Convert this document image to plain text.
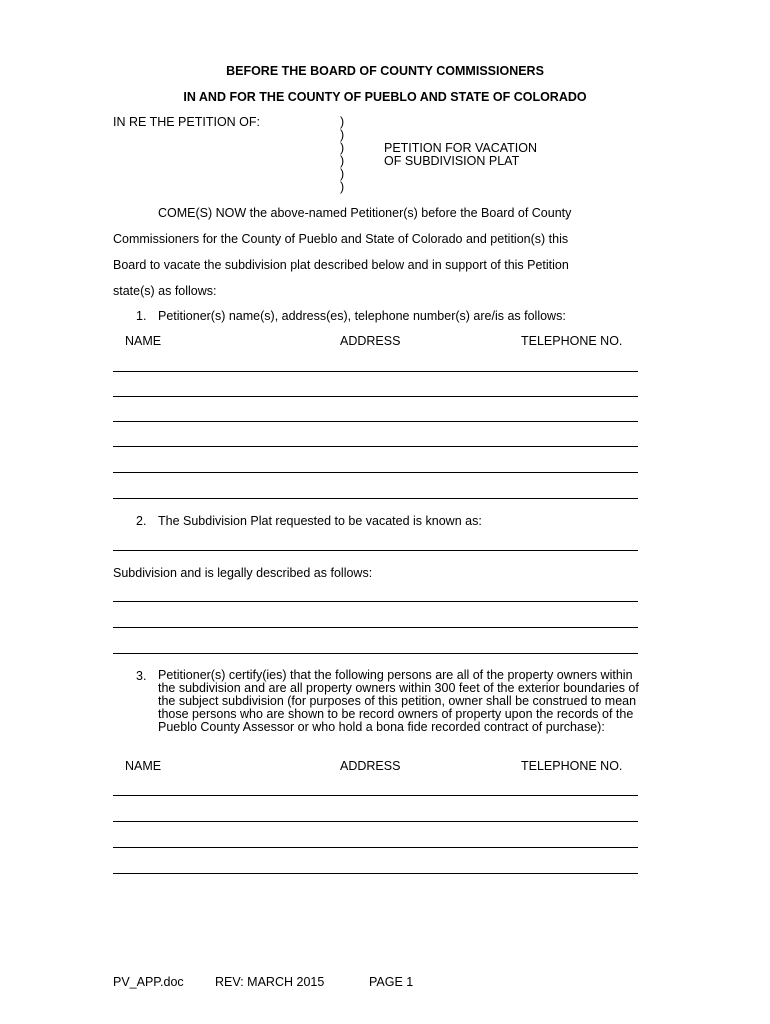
BEFORE THE BOARD OF COUNTY COMMISSIONERS
IN AND FOR THE COUNTY OF PUEBLO AND STATE OF COLORADO
IN RE THE PETITION OF:	)
)
)
)
)
)
PETITION FOR VACATION
OF SUBDIVISION PLAT
COME(S) NOW the above-named Petitioner(s) before the Board of County
Commissioners for the County of Pueblo and State of Colorado and petition(s) this
Board to vacate the subdivision plat described below and in support of this Petition
state(s) as follows:
1. Petitioner(s) name(s), address(es), telephone number(s) are/is as follows:
NAME	ADDRESS	TELEPHONE NO.
2. The Subdivision Plat requested to be vacated is known as:
Subdivision and is legally described as follows:
3. Petitioner(s) certify(ies) that the following persons are all of the property owners within the subdivision and are all property owners within 300 feet of the exterior boundaries of the subject subdivision (for purposes of this petition, owner shall be construed to mean those persons who are shown to be record owners of property upon the records of the Pueblo County Assessor or who hold a bona fide recorded contract of purchase):
NAME	ADDRESS	TELEPHONE NO.
PV_APP.doc	REV: MARCH 2015	PAGE 1
